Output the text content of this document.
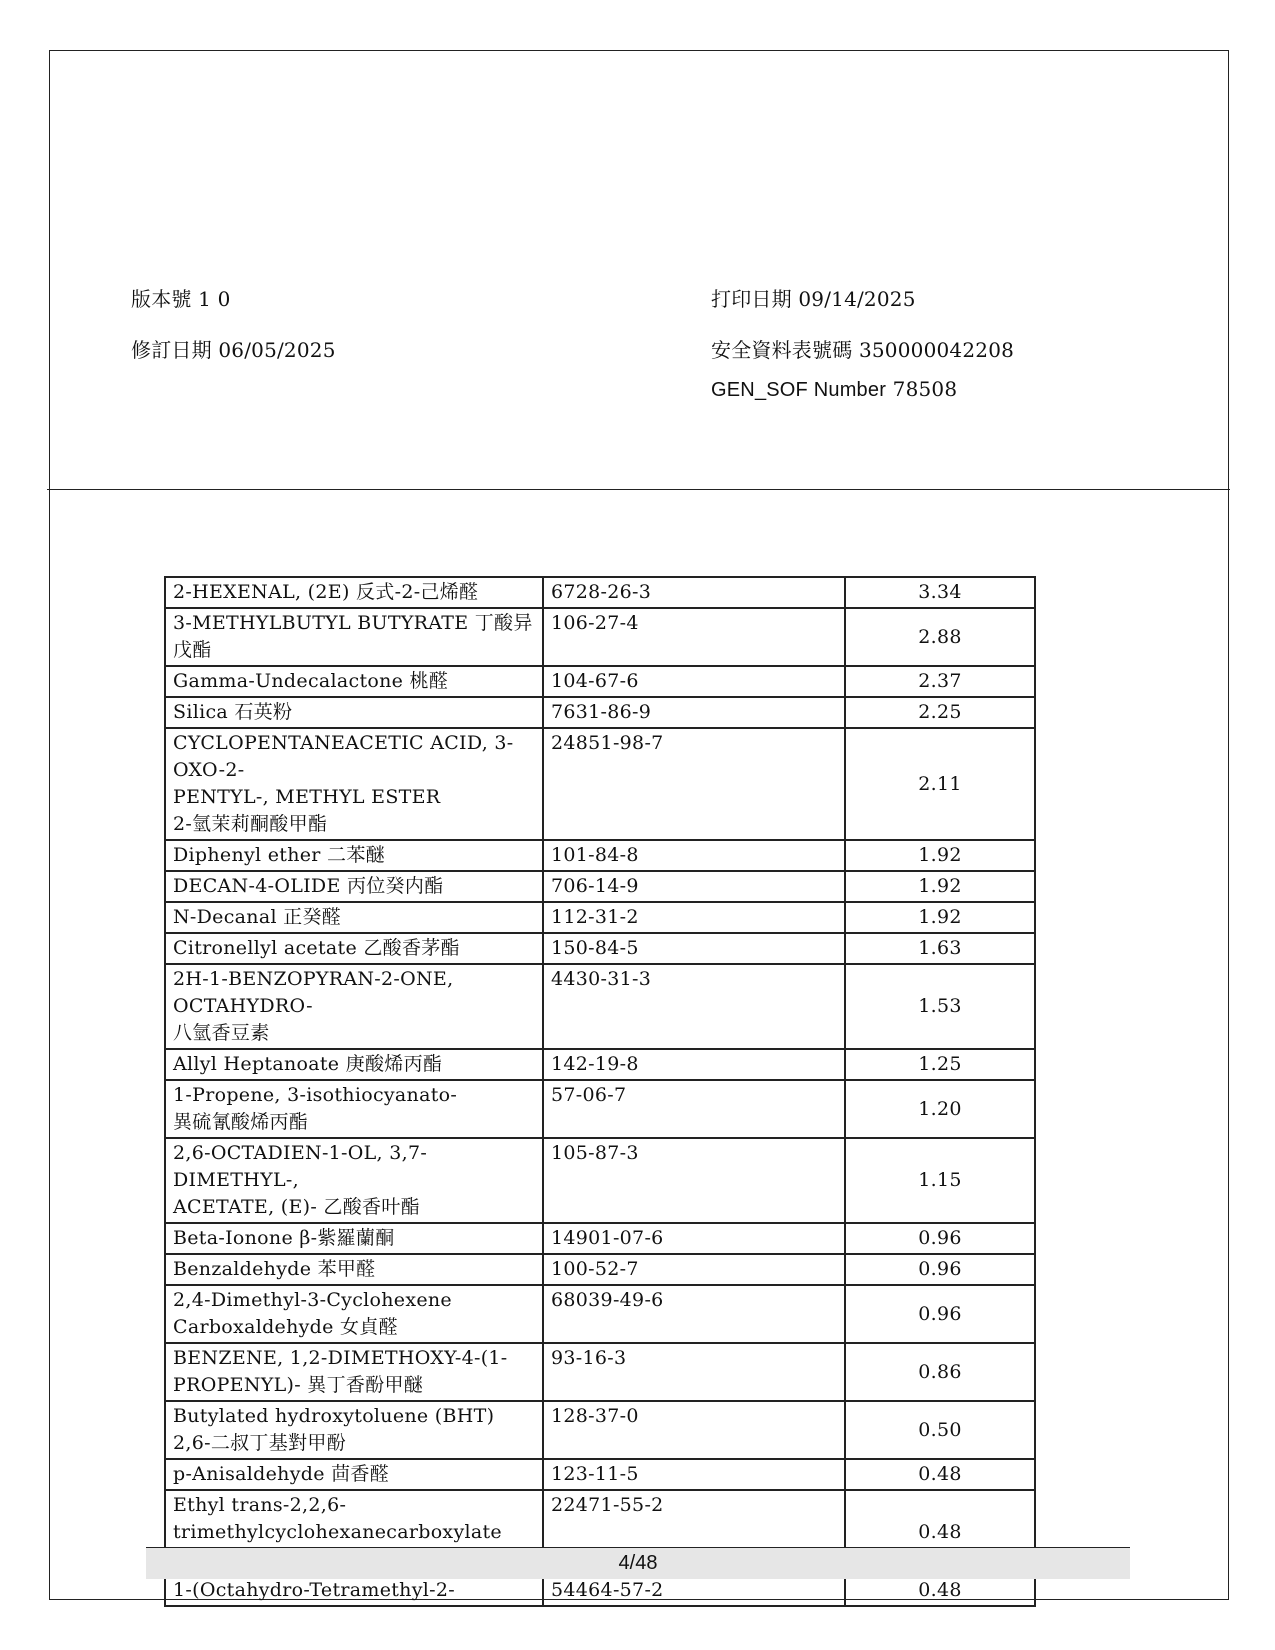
版本號 1 0	打印日期 09/14/2025
修訂日期 06/05/2025	安全資料表號碼 350000042208
GEN_SOF Number 78508
2-HEXENAL, (2E) 反式-2-己烯醛	6728-26-3	3.34
3-METHYLBUTYL BUTYRATE 丁酸异戊酯	106-27-4	2.88
Gamma-Undecalactone 桃醛	104-67-6	2.37
Silica 石英粉	7631-86-9	2.25
CYCLOPENTANEACETIC ACID, 3-OXO-2-
PENTYL-, METHYL ESTER
2-氫茉莉酮酸甲酯	24851-98-7	2.11
Diphenyl ether 二苯醚	101-84-8	1.92
DECAN-4-OLIDE 丙位癸内酯	706-14-9	1.92
N-Decanal 正癸醛	112-31-2	1.92
Citronellyl acetate 乙酸香茅酯	150-84-5	1.63
2H-1-BENZOPYRAN-2-ONE, OCTAHYDRO-
八氫香豆素	4430-31-3	1.53
Allyl Heptanoate 庚酸烯丙酯	142-19-8	1.25
1-Propene, 3-isothiocyanato-
異硫氰酸烯丙酯	57-06-7	1.20
2,6-OCTADIEN-1-OL, 3,7-DIMETHYL-,
ACETATE, (E)- 乙酸香叶酯	105-87-3	1.15
Beta-Ionone β-紫羅蘭酮	14901-07-6	0.96
Benzaldehyde 苯甲醛	100-52-7	0.96
2,4-Dimethyl-3-Cyclohexene
Carboxaldehyde 女貞醛	68039-49-6	0.96
BENZENE, 1,2-DIMETHOXY-4-(1-
PROPENYL)- 異丁香酚甲醚	93-16-3	0.86
Butylated hydroxytoluene (BHT)
2,6-二叔丁基對甲酚	128-37-0	0.50
p-Anisaldehyde 茴香醛	123-11-5	0.48
Ethyl trans-2,2,6-
trimethylcyclohexanecarboxylate	22471-55-2	0.48
1-(Octahydro-Tetramethyl-2-	54464-57-2	0.48
4/48
